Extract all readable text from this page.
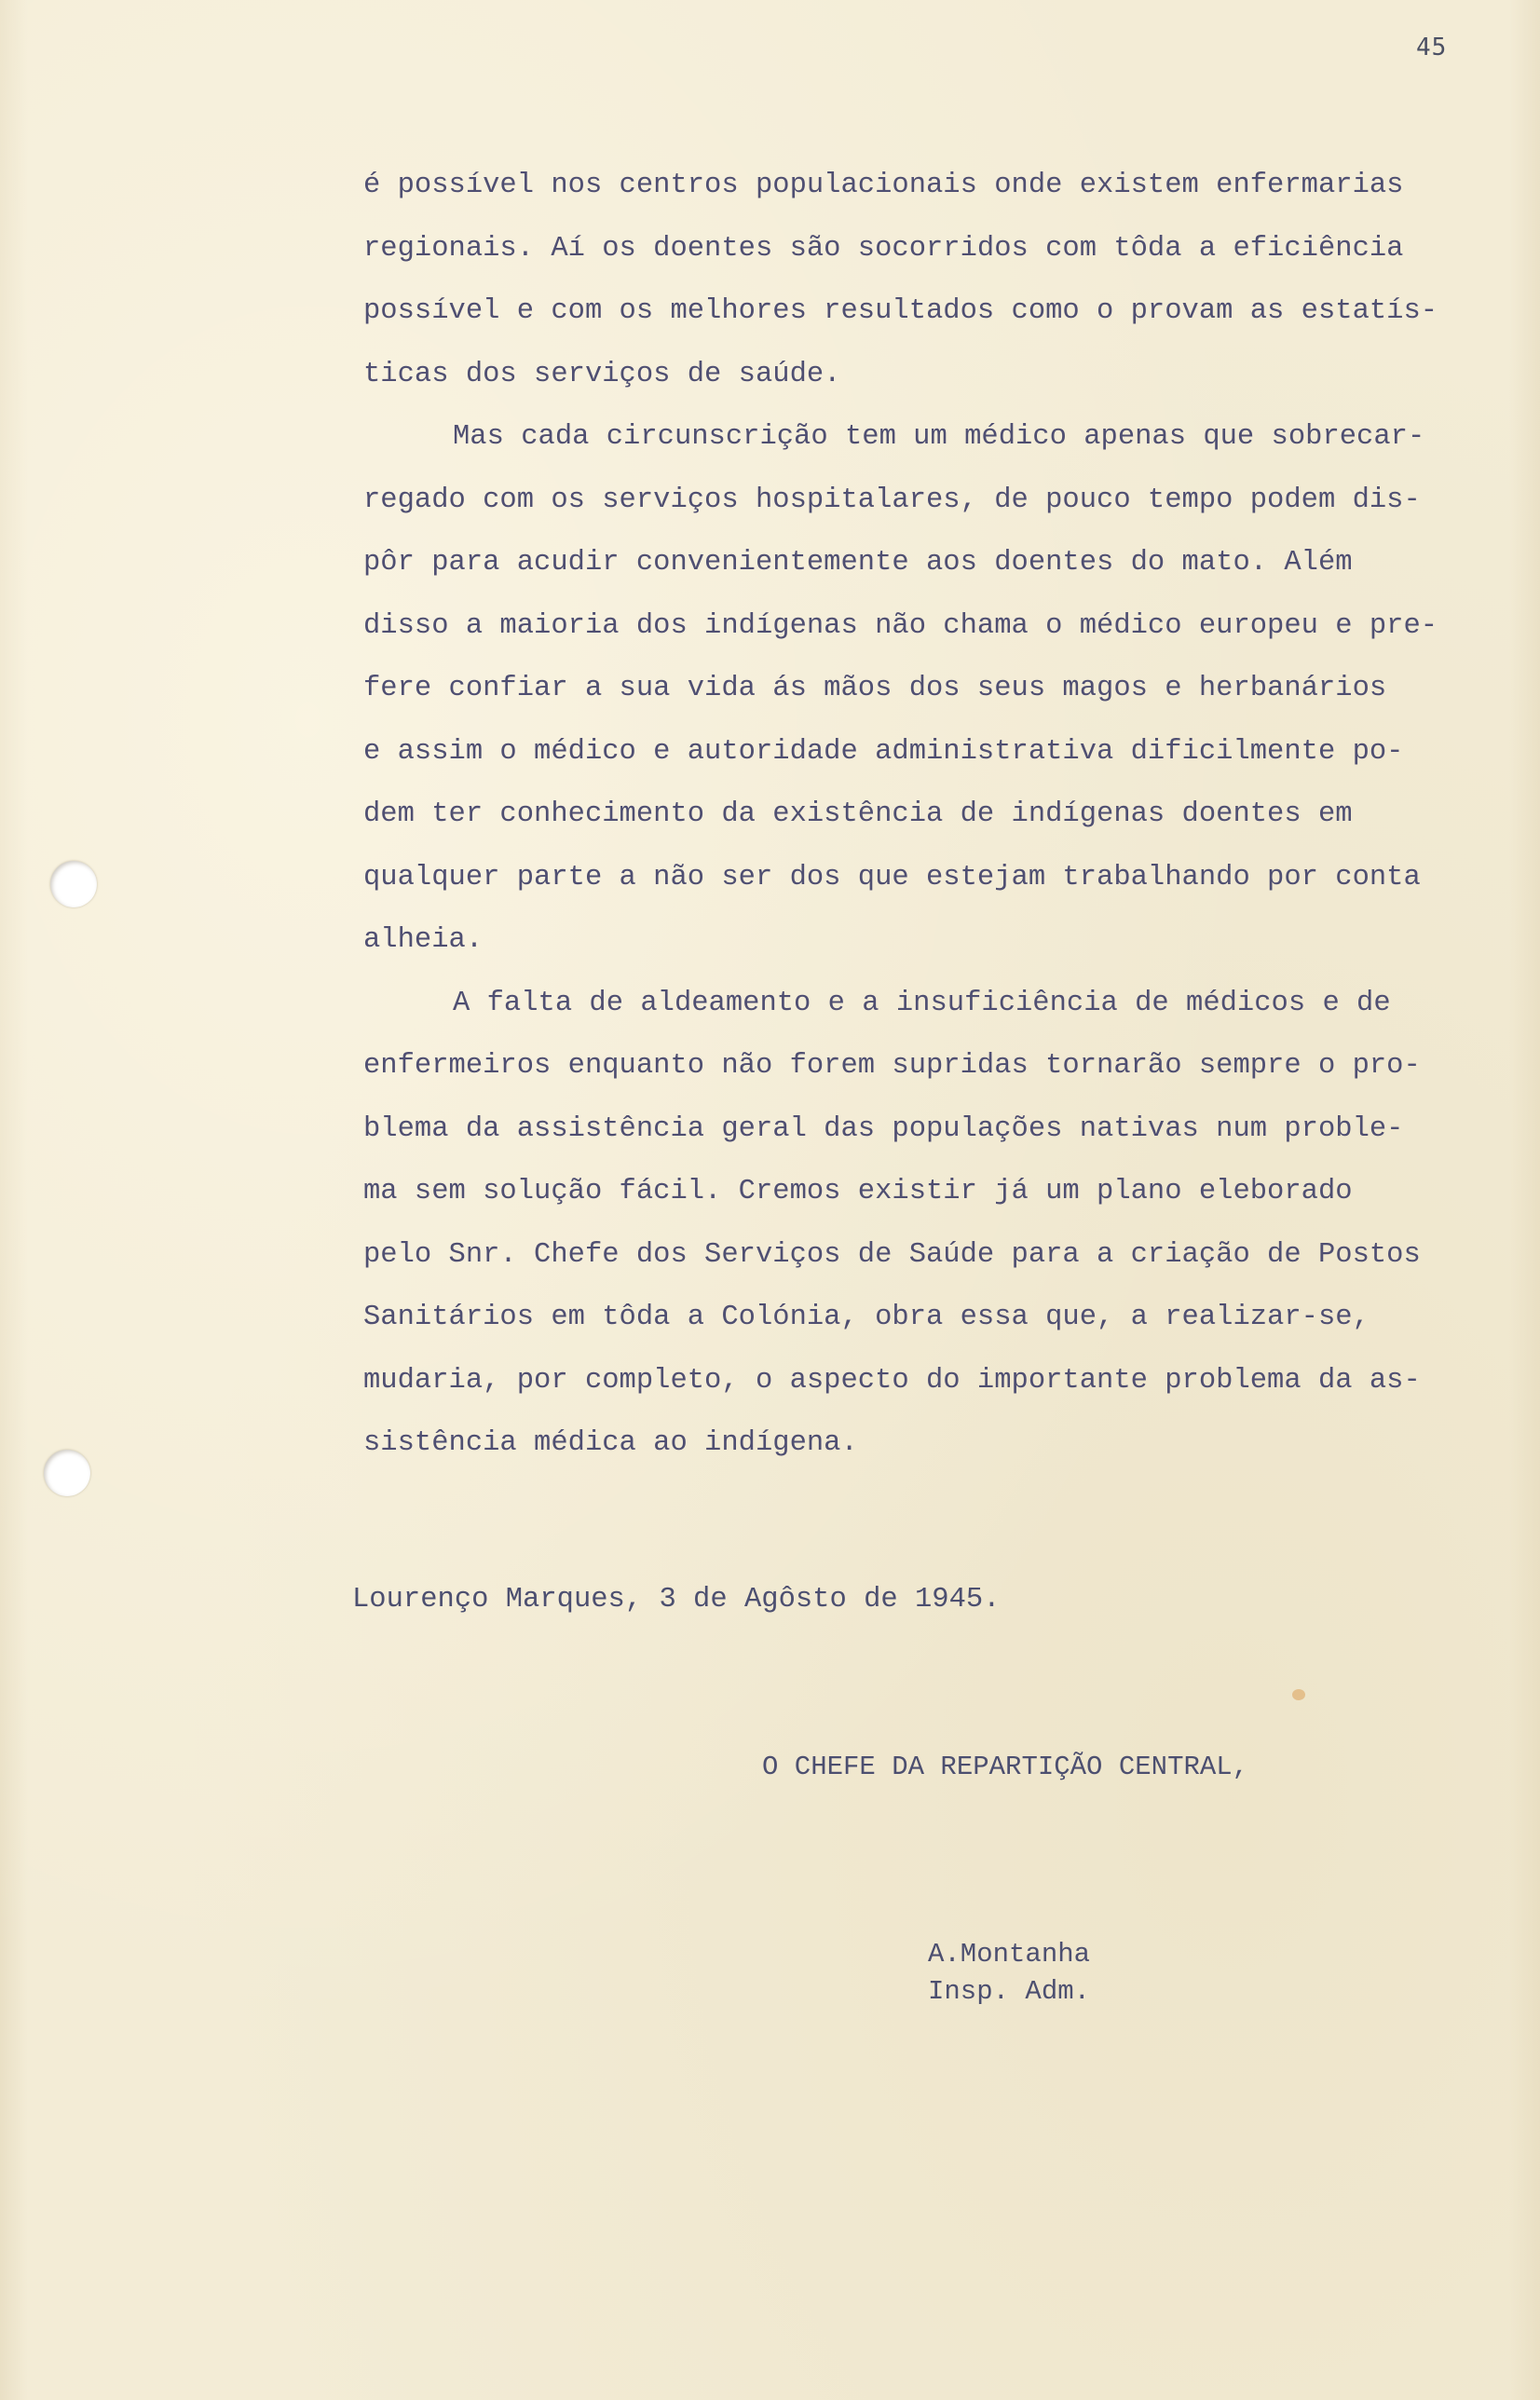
45
é possível nos centros populacionais onde existem enfermarias
regionais. Aí os doentes são socorridos com tôda a eficiência
possível e com os melhores resultados como o provam as estatís-
ticas dos serviços de saúde.
Mas cada circunscrição tem um médico apenas que sobrecar-
regado com os serviços hospitalares, de pouco tempo podem dis-
pôr para acudir convenientemente aos doentes do mato. Além
disso a maioria dos indígenas não chama o médico europeu e pre-
fere confiar a sua vida ás mãos dos seus magos e herbanários
e assim o médico e autoridade administrativa dificilmente po-
dem ter conhecimento da existência de indígenas doentes em
qualquer parte a não ser dos que estejam trabalhando por conta
alheia.
A falta de aldeamento e a insuficiência de médicos e de
enfermeiros enquanto não forem supridas tornarão sempre o pro-
blema da assistência geral das populações nativas num proble-
ma sem solução fácil. Cremos existir já um plano eleborado
pelo Snr. Chefe dos Serviços de Saúde para a criação de Postos
Sanitários em tôda a Colónia, obra essa que, a realizar-se,
mudaria, por completo, o aspecto do importante problema da as-
sistência médica ao indígena.
Lourenço Marques, 3 de Agôsto de 1945.
O CHEFE DA REPARTIÇÃO CENTRAL,
A.Montanha
Insp. Adm.
